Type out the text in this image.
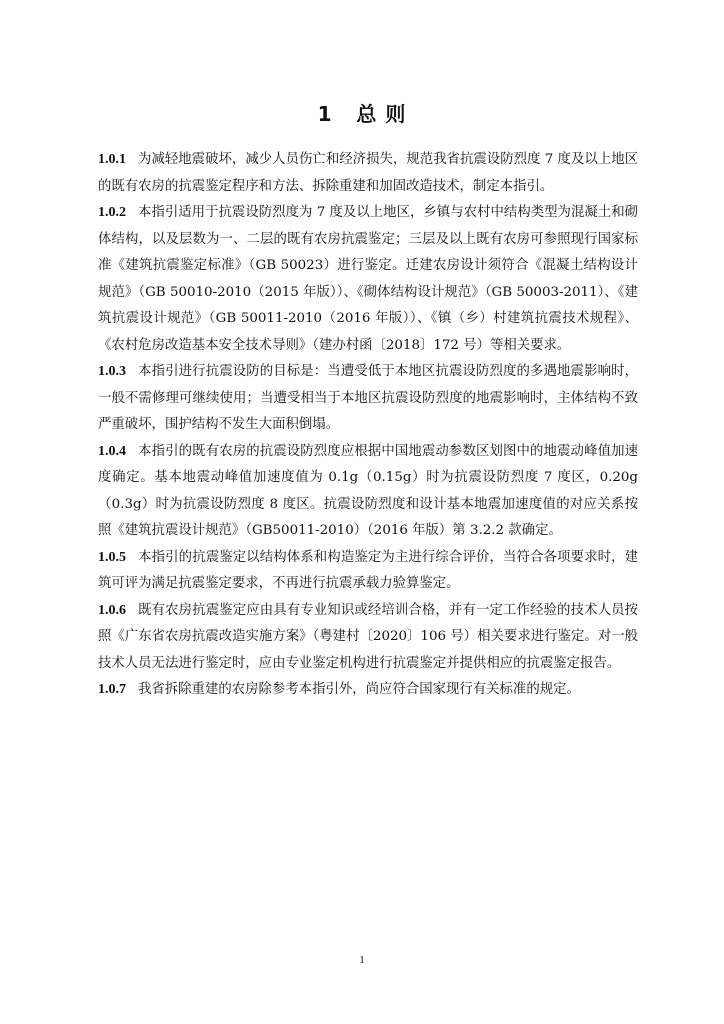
1   总 则

1.0.1 为减轻地震破坏，减少人员伤亡和经济损失，规范我省抗震设防烈度 7 度及以上地区的既有农房的抗震鉴定程序和方法、拆除重建和加固改造技术，制定本指引。

1.0.2 本指引适用于抗震设防烈度为 7 度及以上地区，乡镇与农村中结构类型为混凝土和砌体结构，以及层数为一、二层的既有农房抗震鉴定；三层及以上既有农房可参照现行国家标准《建筑抗震鉴定标准》（GB 50023）进行鉴定。迁建农房设计须符合《混凝土结构设计规范》（GB 50010-2010（2015 年版））、《砌体结构设计规范》（GB 50003-2011）、《建筑抗震设计规范》（GB 50011-2010（2016 年版））、《镇（乡）村建筑抗震技术规程》、《农村危房改造基本安全技术导则》（建办村函〔2018〕172 号）等相关要求。

1.0.3 本指引进行抗震设防的目标是：当遭受低于本地区抗震设防烈度的多遇地震影响时，一般不需修理可继续使用；当遭受相当于本地区抗震设防烈度的地震影响时，主体结构不致严重破坏，围护结构不发生大面积倒塌。

1.0.4 本指引的既有农房的抗震设防烈度应根据中国地震动参数区划图中的地震动峰值加速度确定。基本地震动峰值加速度值为 0.1g（0.15g）时为抗震设防烈度 7 度区，0.20g（0.3g）时为抗震设防烈度 8 度区。抗震设防烈度和设计基本地震加速度值的对应关系按照《建筑抗震设计规范》（GB50011-2010）（2016 年版）第 3.2.2 款确定。

1.0.5 本指引的抗震鉴定以结构体系和构造鉴定为主进行综合评价，当符合各项要求时，建筑可评为满足抗震鉴定要求，不再进行抗震承载力验算鉴定。

1.0.6 既有农房抗震鉴定应由具有专业知识或经培训合格，并有一定工作经验的技术人员按照《广东省农房抗震改造实施方案》（粤建村〔2020〕106 号）相关要求进行鉴定。对一般技术人员无法进行鉴定时，应由专业鉴定机构进行抗震鉴定并提供相应的抗震鉴定报告。

1.0.7 我省拆除重建的农房除参考本指引外，尚应符合国家现行有关标准的规定。

1
